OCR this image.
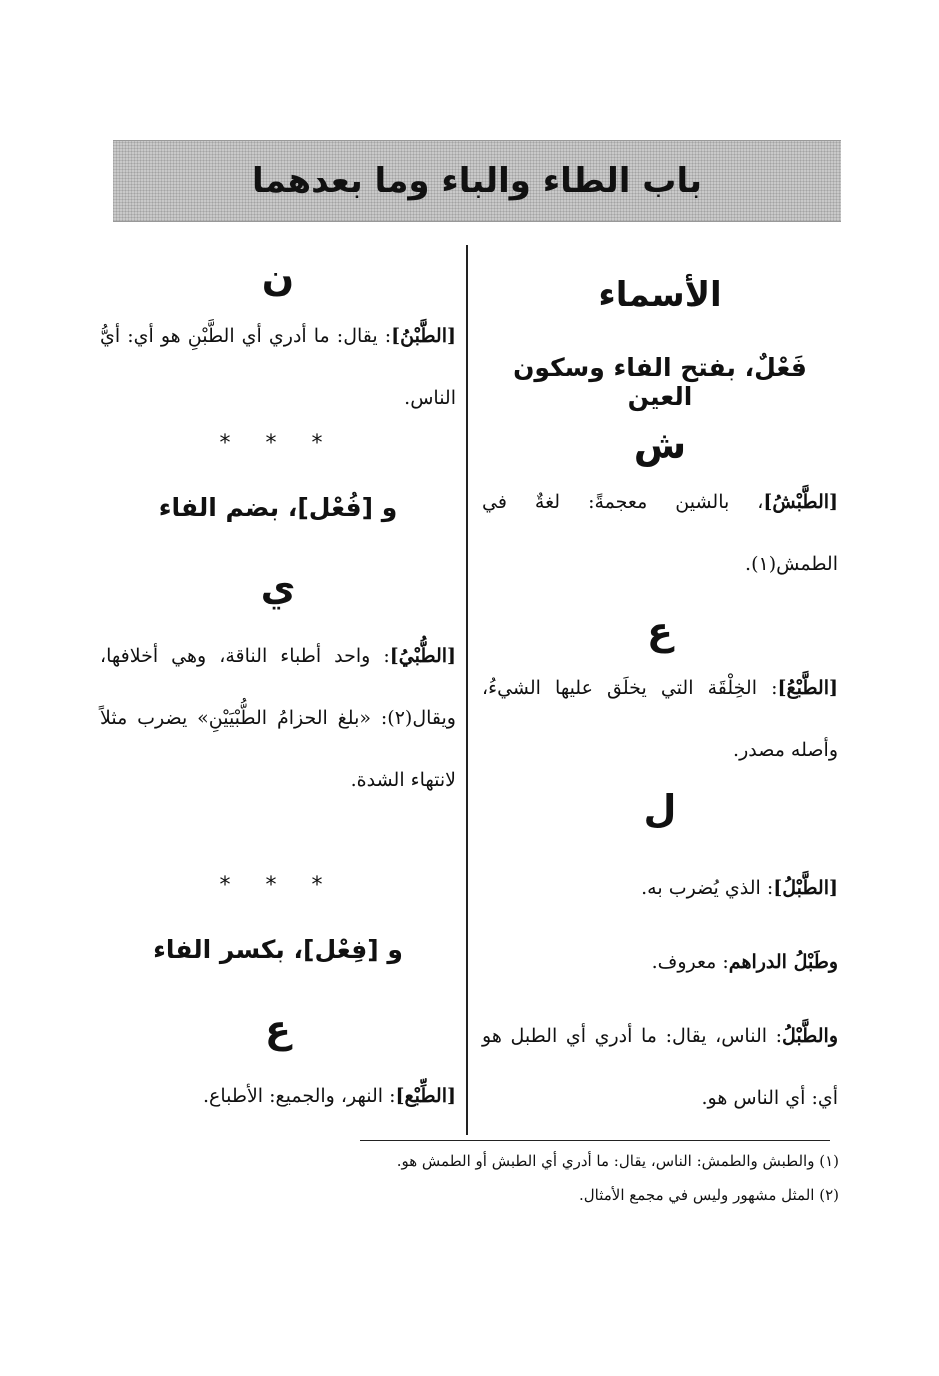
باب الطاء والباء وما بعدهما
الأسماء
فَعْلٌ، بفتح الفاء وسكون العين
ش
[الطَّبْشُ]، بالشين معجمةً: لغةٌ في الطمش(١).
ع
[الطَّبْعُ]: الخِلْقَة التي يخلَق عليها الشيءُ، وأصله مصدر.
ل
[الطَّبْلُ]: الذي يُضرب به.
وطَبْلُ الدراهم: معروف.
والطَّبْلُ: الناس، يقال: ما أدري أي الطبل هو أي: أي الناس هو.
ن
[الطَّبْنُ]: يقال: ما أدري أي الطَّبْنِ هو أي: أيُّ الناس.
* * *
و [فُعْل]، بضم الفاء
ي
[الطُّبْيُ]: واحد أطباء الناقة، وهي أخلافها، ويقال(٢): «بلغ الحزامُ الطُّبْيَيْنِ» يضرب مثلاً لانتهاء الشدة.
* * *
و [فِعْل]، بكسر الفاء
ع
[الطِّبْع]: النهر، والجميع: الأطباع.
(١) والطبش والطمش: الناس، يقال: ما أدري أي الطبش أو الطمش هو.
(٢) المثل مشهور وليس في مجمع الأمثال.
